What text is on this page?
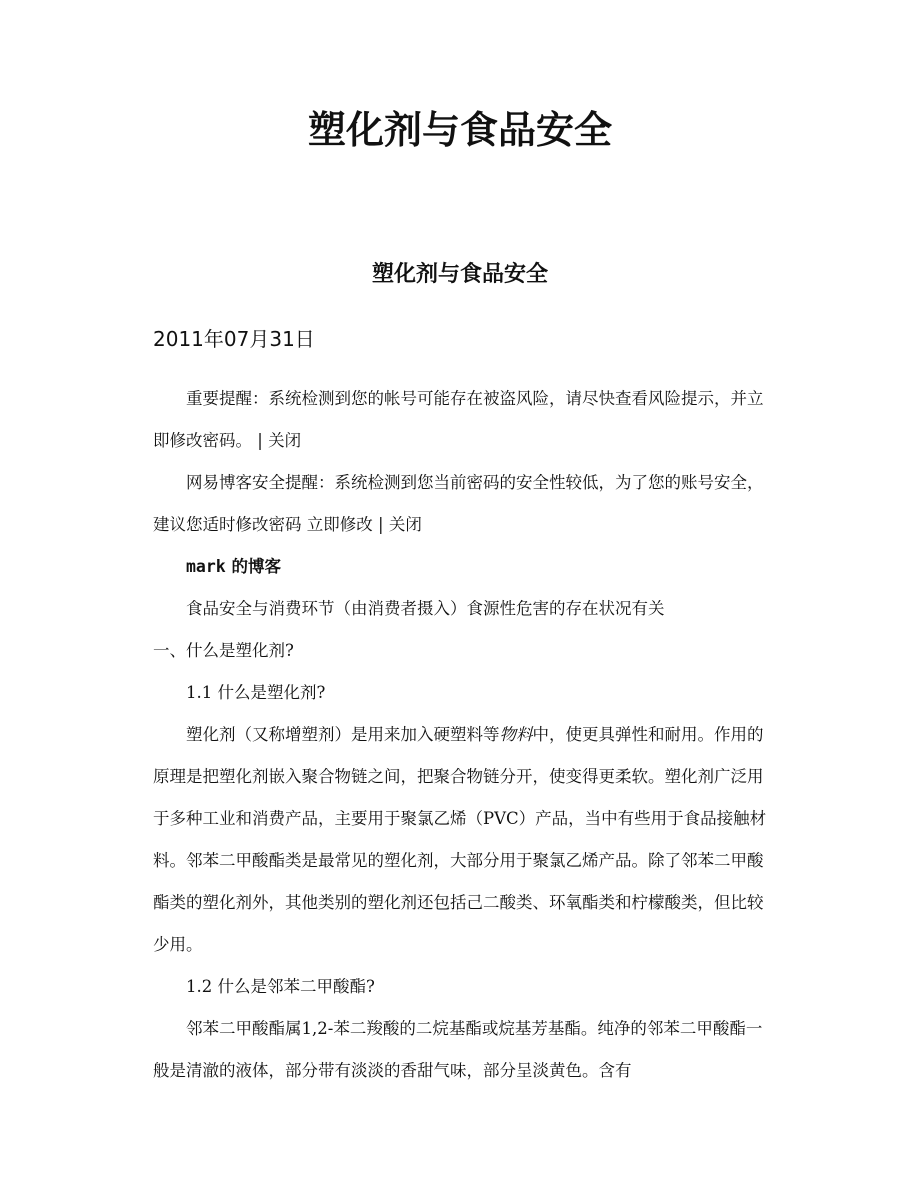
塑化剂与食品安全
塑化剂与食品安全
2011年07月31日

重要提醒：系统检测到您的帐号可能存在被盗风险，请尽快查看风险提示，并立即修改密码。 | 关闭

网易博客安全提醒：系统检测到您当前密码的安全性较低，为了您的账号安全，建议您适时修改密码 立即修改 | 关闭

mark 的博客

食品安全与消费环节（由消费者摄入）食源性危害的存在状况有关

一、什么是塑化剂?

1.1 什么是塑化剂?

塑化剂（又称增塑剂）是用来加入硬塑料等物料中，使更具弹性和耐用。作用的原理是把塑化剂嵌入聚合物链之间，把聚合物链分开，使变得更柔软。塑化剂广泛用于多种工业和消费产品，主要用于聚氯乙烯（PVC）产品，当中有些用于食品接触材料。邻苯二甲酸酯类是最常见的塑化剂，大部分用于聚氯乙烯产品。除了邻苯二甲酸酯类的塑化剂外，其他类别的塑化剂还包括己二酸类、环氧酯类和柠檬酸类，但比较少用。

1.2 什么是邻苯二甲酸酯?

邻苯二甲酸酯属1,2-苯二羧酸的二烷基酯或烷基芳基酯。纯净的邻苯二甲酸酯一般是清澈的液体，部分带有淡淡的香甜气味，部分呈淡黄色。含有
